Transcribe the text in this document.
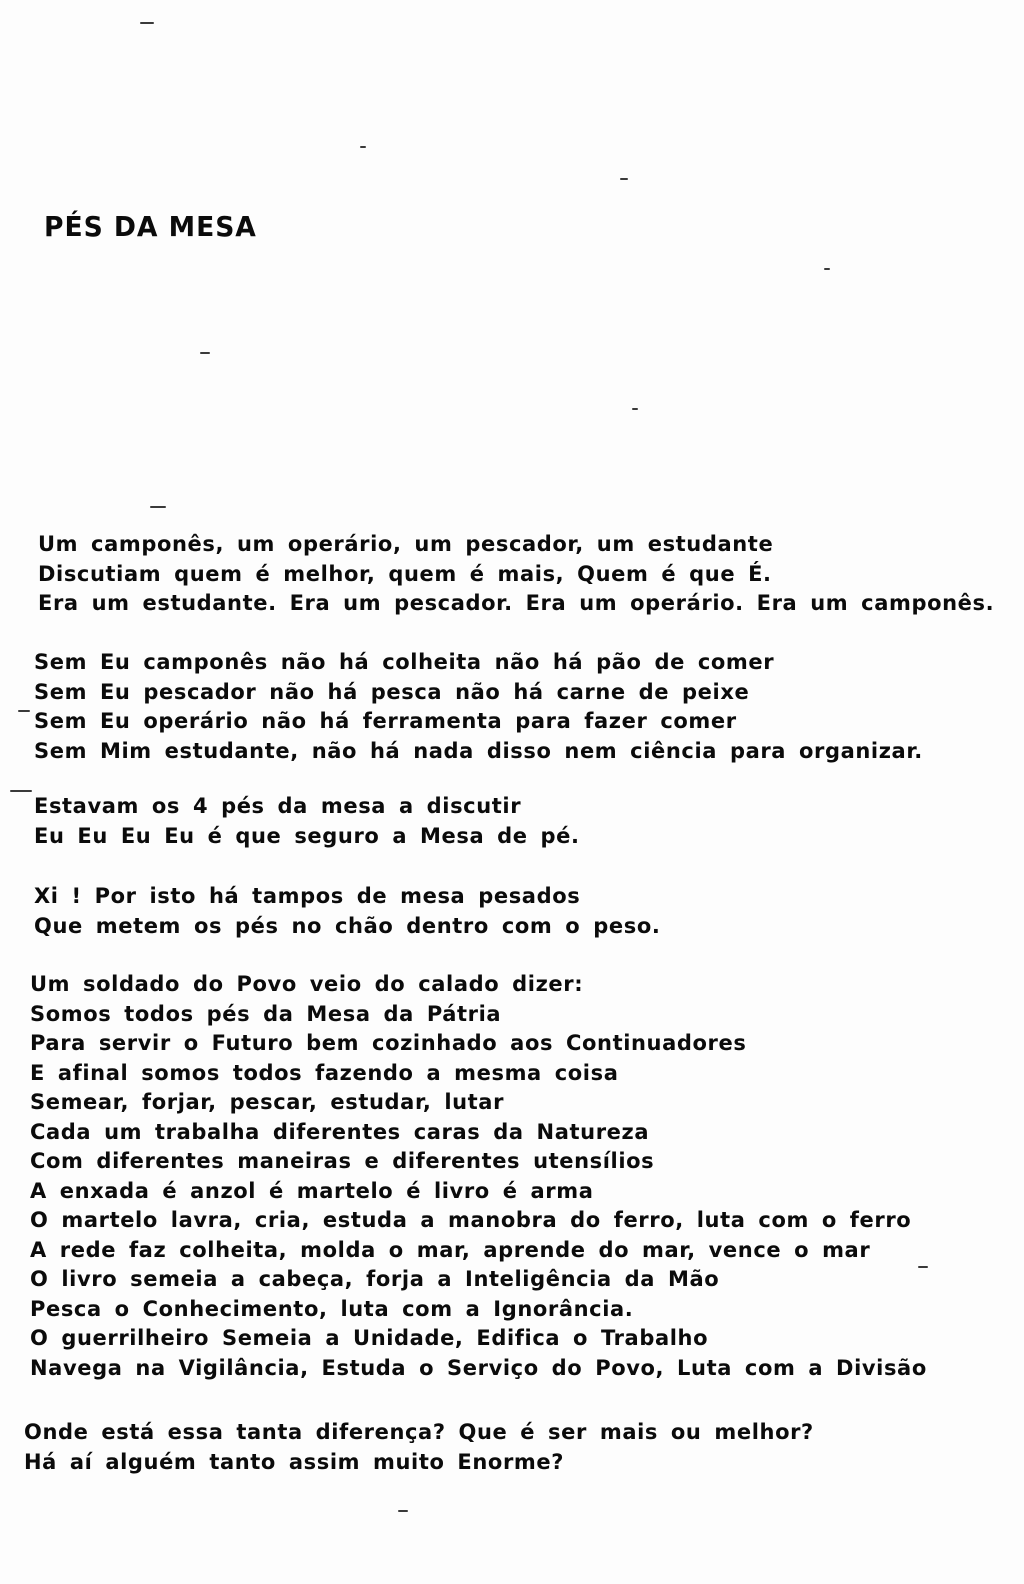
PÉS DA MESA
Um camponês, um operário, um pescador, um estudante
Discutiam quem é melhor, quem é mais, Quem é que É.
Era um estudante. Era um pescador. Era um operário. Era um camponês.
Sem Eu camponês não há colheita não há pão de comer
Sem Eu pescador não há pesca não há carne de peixe
Sem Eu operário não há ferramenta para fazer comer
Sem Mim estudante, não há nada disso nem ciência para organizar.
Estavam os 4 pés da mesa a discutir
Eu Eu Eu Eu é que seguro a Mesa de pé.
Xi ! Por isto há tampos de mesa pesados
Que metem os pés no chão dentro com o peso.
Um soldado do Povo veio do calado dizer:
Somos todos pés da Mesa da Pátria
Para servir o Futuro bem cozinhado aos Continuadores
E afinal somos todos fazendo a mesma coisa
Semear, forjar, pescar, estudar, lutar
Cada um trabalha diferentes caras da Natureza
Com diferentes maneiras e diferentes utensílios
A enxada é anzol é martelo é livro é arma
O martelo lavra, cria, estuda a manobra do ferro, luta com o ferro
A rede faz colheita, molda o mar, aprende do mar, vence o mar
O livro semeia a cabeça, forja a Inteligência da Mão
Pesca o Conhecimento, luta com a Ignorância.
O guerrilheiro Semeia a Unidade, Edifica o Trabalho
Navega na Vigilância, Estuda o Serviço do Povo, Luta com a Divisão
Onde está essa tanta diferença? Que é ser mais ou melhor?
Há aí alguém tanto assim muito Enorme?
